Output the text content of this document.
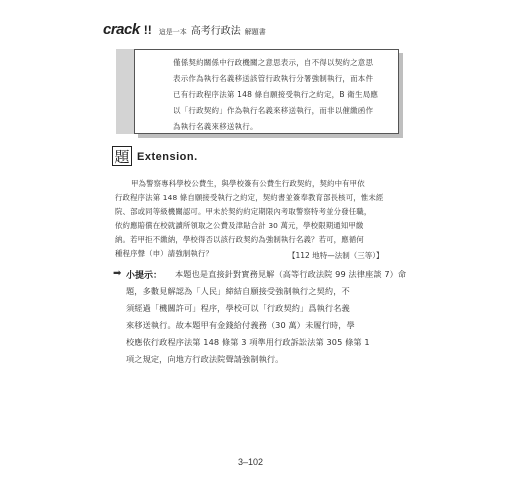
crack !! 這是一本 高考行政法 解題書
僅係契約關係中行政機關之意思表示，自不得以契約之意思
表示作為執行名義移送該管行政執行分署強制執行，而本件
已有行政程序法第 148 條自願接受執行之約定，B 衛生局應
以「行政契約」作為執行名義來移送執行，而非以催繳函作
為執行名義來移送執行。
題 Extension.
甲為警察專科學校公費生，與學校簽有公費生行政契約，契約中有甲依
行政程序法第 148 條自願接受執行之約定，契約書並簽奉教育部長核可，惟未經
院、部或同等級機關認可。甲未於契約約定期限內考取警察特考並分發任職，
依約應賠償在校就讀所領取之公費及津貼合計 30 萬元，學校限期通知甲繳
納。若甲拒不繳納，學校得否以該行政契約為強制執行名義？若可，應循何
種程序聲（申）請強制執行？	【112 地特—法制（三等）】
➡ 小提示： 本題也是直接針對實務見解（高等行政法院 99 法律座談 7）命
題，多數見解認為「人民」締結自願接受強制執行之契約，不
須經過「機關許可」程序，學校可以「行政契約」爲執行名義
來移送執行。故本題甲有金錢給付義務（30 萬）未履行時，學
校應依行政程序法第 148 條第 3 項準用行政訴訟法第 305 條第 1
項之規定，向地方行政法院聲請強制執行。
3–102
